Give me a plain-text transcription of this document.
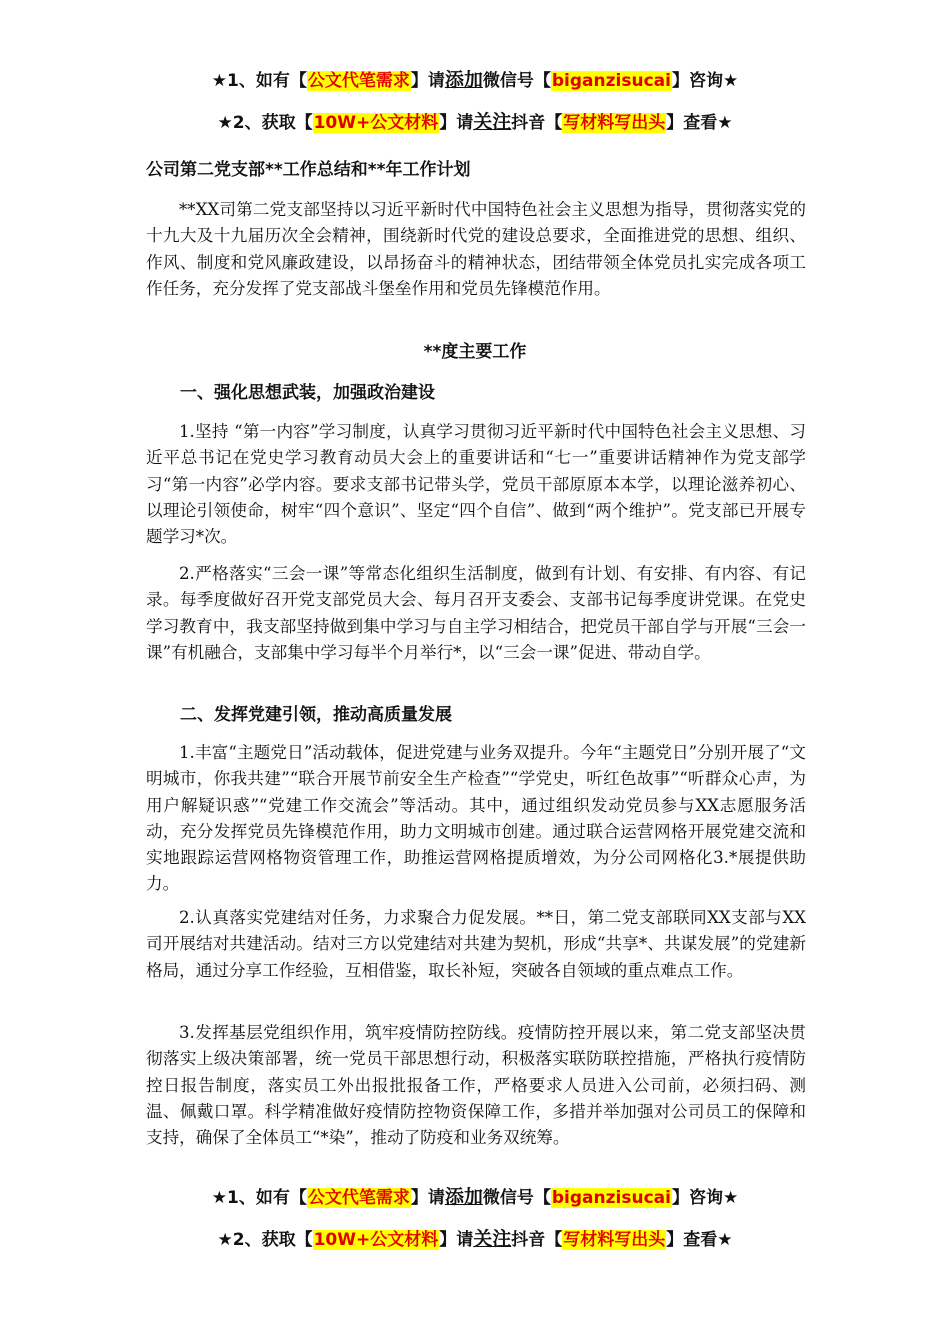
★1、如有【公文代笔需求】请添加微信号【biganzisucai】咨询★
★2、获取【10W+公文材料】请关注抖音【写材料写出头】查看★
公司第二党支部**工作总结和**年工作计划

**XX司第二党支部坚持以习近平新时代中国特色社会主义思想为指导，贯彻落实党的十九大及十九届历次全会精神，围绕新时代党的建设总要求，全面推进党的思想、组织、作风、制度和党风廉政建设，以昂扬奋斗的精神状态，团结带领全体党员扎实完成各项工作任务，充分发挥了党支部战斗堡垒作用和党员先锋模范作用。

**度主要工作
一、强化思想武装，加强政治建设

1.坚持 “第一内容”学习制度，认真学习贯彻习近平新时代中国特色社会主义思想、习近平总书记在党史学习教育动员大会上的重要讲话和“七一”重要讲话精神作为党支部学习“第一内容”必学内容。要求支部书记带头学，党员干部原原本本学，以理论滋养初心、以理论引领使命，树牢“四个意识”、坚定“四个自信”、做到“两个维护”。党支部已开展专题学习*次。

2.严格落实“三会一课”等常态化组织生活制度，做到有计划、有安排、有内容、有记录。每季度做好召开党支部党员大会、每月召开支委会、支部书记每季度讲党课。在党史学习教育中，我支部坚持做到集中学习与自主学习相结合，把党员干部自学与开展“三会一课”有机融合，支部集中学习每半个月举行*，以“三会一课”促进、带动自学。

二、发挥党建引领，推动高质量发展

1.丰富“主题党日”活动载体，促进党建与业务双提升。今年“主题党日”分别开展了“文明城市，你我共建”“联合开展节前安全生产检查”“学党史，听红色故事”“听群众心声，为用户解疑识惑”“党建工作交流会”等活动。其中，通过组织发动党员参与XX志愿服务活动，充分发挥党员先锋模范作用，助力文明城市创建。通过联合运营网格开展党建交流和实地跟踪运营网格物资管理工作，助推运营网格提质增效，为分公司网格化3.*展提供助力。

2.认真落实党建结对任务，力求聚合力促发展。**日，第二党支部联同XX支部与XX司开展结对共建活动。结对三方以党建结对共建为契机，形成“共享*、共谋发展”的党建新格局，通过分享工作经验，互相借鉴，取长补短，突破各自领域的重点难点工作。

3.发挥基层党组织作用，筑牢疫情防控防线。疫情防控开展以来，第二党支部坚决贯彻落实上级决策部署，统一党员干部思想行动，积极落实联防联控措施，严格执行疫情防控日报告制度，落实员工外出报批报备工作，严格要求人员进入公司前，必须扫码、测温、佩戴口罩。科学精准做好疫情防控物资保障工作，多措并举加强对公司员工的保障和支持，确保了全体员工“*染”，推动了防疫和业务双统筹。

★1、如有【公文代笔需求】请添加微信号【biganzisucai】咨询★
★2、获取【10W+公文材料】请关注抖音【写材料写出头】查看★
